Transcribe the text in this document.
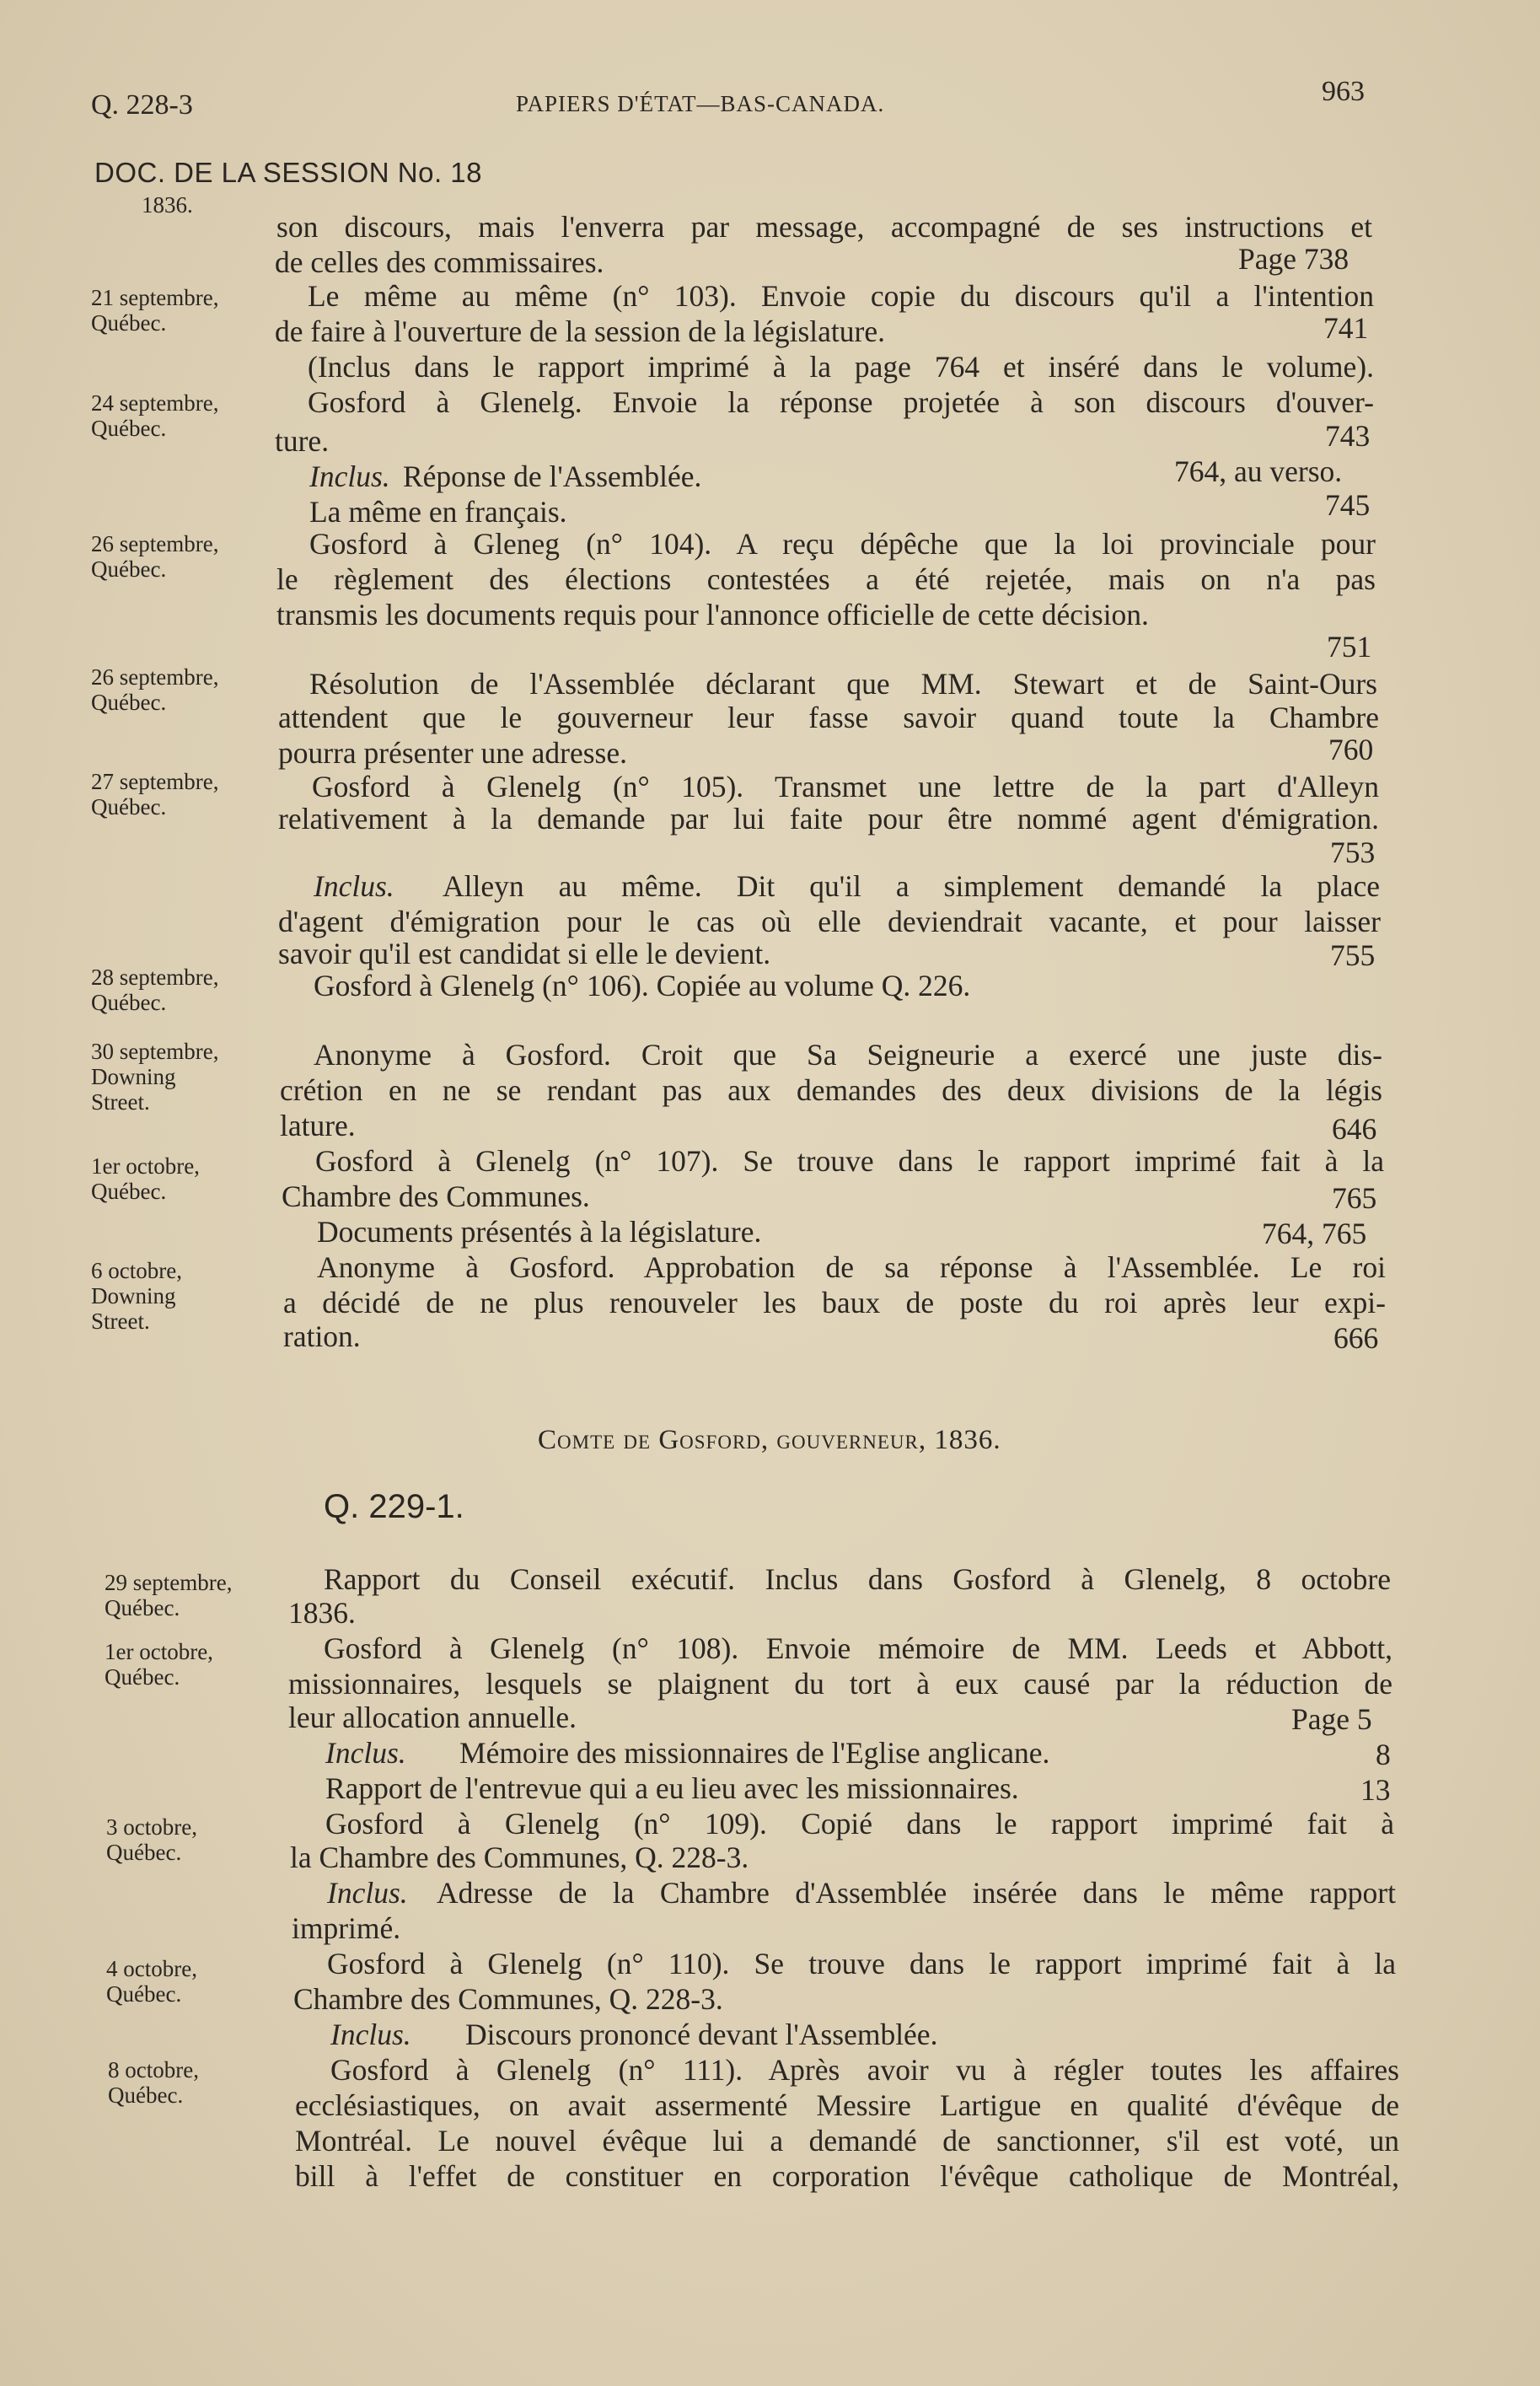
Q. 228-3	PAPIERS D'ÉTAT—BAS-CANADA.	963
DOC. DE LA SESSION No. 18
1836.
21 septembre,
Québec.
24 septembre,
Québec.
26 septembre,
Québec.
26 septembre,
Québec.
27 septembre,
Québec.
28 septembre,
Québec.
30 septembre,
Downing
Street.
1er octobre,
Québec.
6 octobre,
Downing
Street.
son discours, mais l'enverra par message, accompagné de ses instructions et
de celles des commissaires.
Le même au même (n° 103). Envoie copie du discours qu'il a l'intention
de faire à l'ouverture de la session de la législature.
(Inclus dans le rapport imprimé à la page 764 et inséré dans le volume).
Gosford à Glenelg. Envoie la réponse projetée à son discours d'ouver-
ture.
Inclus. Réponse de l'Assemblée.
La même en français.
Gosford à Gleneg (n° 104). A reçu dépêche que la loi provinciale pour
le règlement des élections contestées a été rejetée, mais on n'a pas
transmis les documents requis pour l'annonce officielle de cette décision.
Résolution de l'Assemblée déclarant que MM. Stewart et de Saint-Ours
attendent que le gouverneur leur fasse savoir quand toute la Chambre
pourra présenter une adresse.
Gosford à Glenelg (n° 105). Transmet une lettre de la part d'Alleyn
relativement à la demande par lui faite pour être nommé agent d'émigration.
Inclus. Alleyn au même. Dit qu'il a simplement demandé la place
d'agent d'émigration pour le cas où elle deviendrait vacante, et pour laisser
savoir qu'il est candidat si elle le devient.
Gosford à Glenelg (n° 106). Copiée au volume Q. 226.
Anonyme à Gosford. Croit que Sa Seigneurie a exercé une juste dis-
crétion en ne se rendant pas aux demandes des deux divisions de la légis
lature.
Gosford à Glenelg (n° 107). Se trouve dans le rapport imprimé fait à la
Chambre des Communes.
Documents présentés à la législature.
Anonyme à Gosford. Approbation de sa réponse à l'Assemblée. Le roi
a décidé de ne plus renouveler les baux de poste du roi après leur expi-
ration.
Page 738
741
743
764, au verso.
745
751
760
753
755
646
765
764, 765
666
Comte de Gosford, gouverneur, 1836.
Q. 229-1.
29 septembre,
Québec.
1er octobre,
Québec.
3 octobre,
Québec.
4 octobre,
Québec.
8 octobre,
Québec.
Rapport du Conseil exécutif. Inclus dans Gosford à Glenelg, 8 octobre
1836.
Gosford à Glenelg (n° 108). Envoie mémoire de MM. Leeds et Abbott,
missionnaires, lesquels se plaignent du tort à eux causé par la réduction de
leur allocation annuelle.
Inclus. Mémoire des missionnaires de l'Eglise anglicane.
Rapport de l'entrevue qui a eu lieu avec les missionnaires.
Gosford à Glenelg (n° 109). Copié dans le rapport imprimé fait à
la Chambre des Communes, Q. 228-3.
Inclus. Adresse de la Chambre d'Assemblée insérée dans le même rapport
imprimé.
Gosford à Glenelg (n° 110). Se trouve dans le rapport imprimé fait à la
Chambre des Communes, Q. 228-3.
Inclus. Discours prononcé devant l'Assemblée.
Gosford à Glenelg (n° 111). Après avoir vu à régler toutes les affaires
ecclésiastiques, on avait assermenté Messire Lartigue en qualité d'évêque de
Montréal. Le nouvel évêque lui a demandé de sanctionner, s'il est voté, un
bill à l'effet de constituer en corporation l'évêque catholique de Montréal,
Page 5
8
13
